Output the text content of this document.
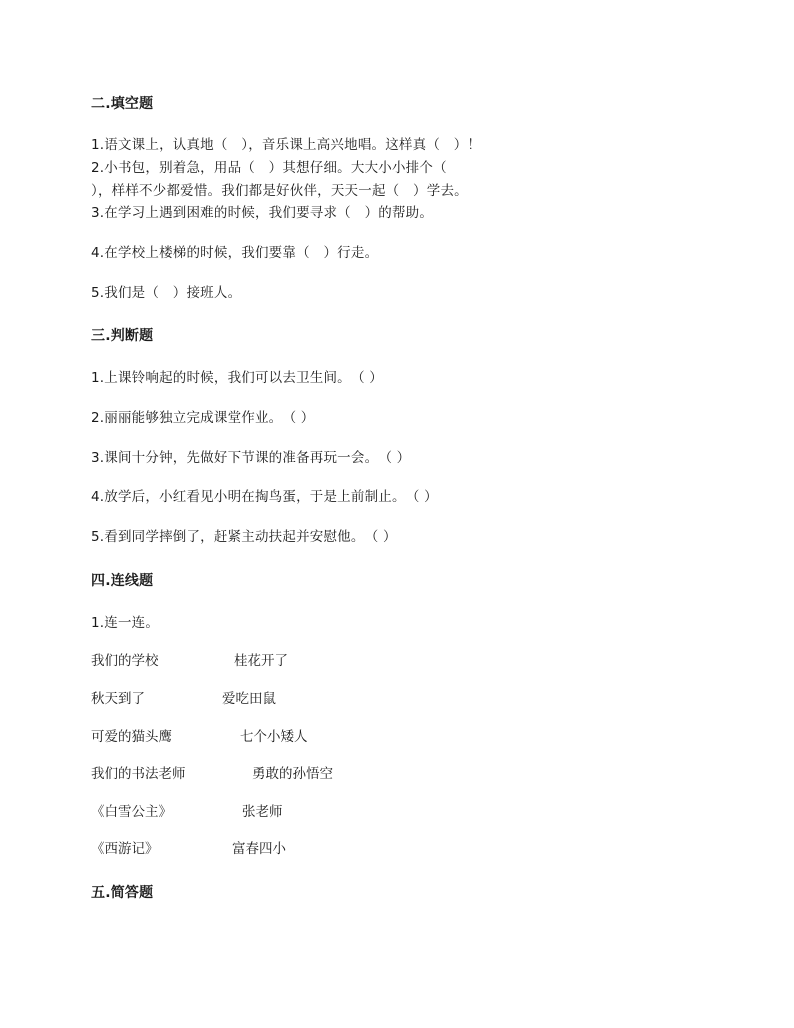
二.填空题
1.语文课上，认真地（　），音乐课上高兴地唱。这样真（　）！
2.小书包，别着急，用品（　）其想仔细。大大小小排个（
），样样不少都爱惜。我们都是好伙伴，天天一起（　）学去。
3.在学习上遇到困难的时候，我们要寻求（　）的帮助。
4.在学校上楼梯的时候，我们要靠（　）行走。
5.我们是（　）接班人。
三.判断题
1.上课铃响起的时候，我们可以去卫生间。　（ ）
2.丽丽能够独立完成课堂作业。　（ ）
3.课间十分钟，先做好下节课的准备再玩一会。　（ ）
4.放学后，小红看见小明在掏鸟蛋，于是上前制止。　（ ）
5.看到同学摔倒了，赶紧主动扶起并安慰他。　（ ）
四.连线题
1.连一连。
我们的学校	桂花开了
秋天到了	爱吃田鼠
可爱的猫头鹰	七个小矮人
我们的书法老师	勇敢的孙悟空
《白雪公主》	张老师
《西游记》	富春四小
五.简答题
